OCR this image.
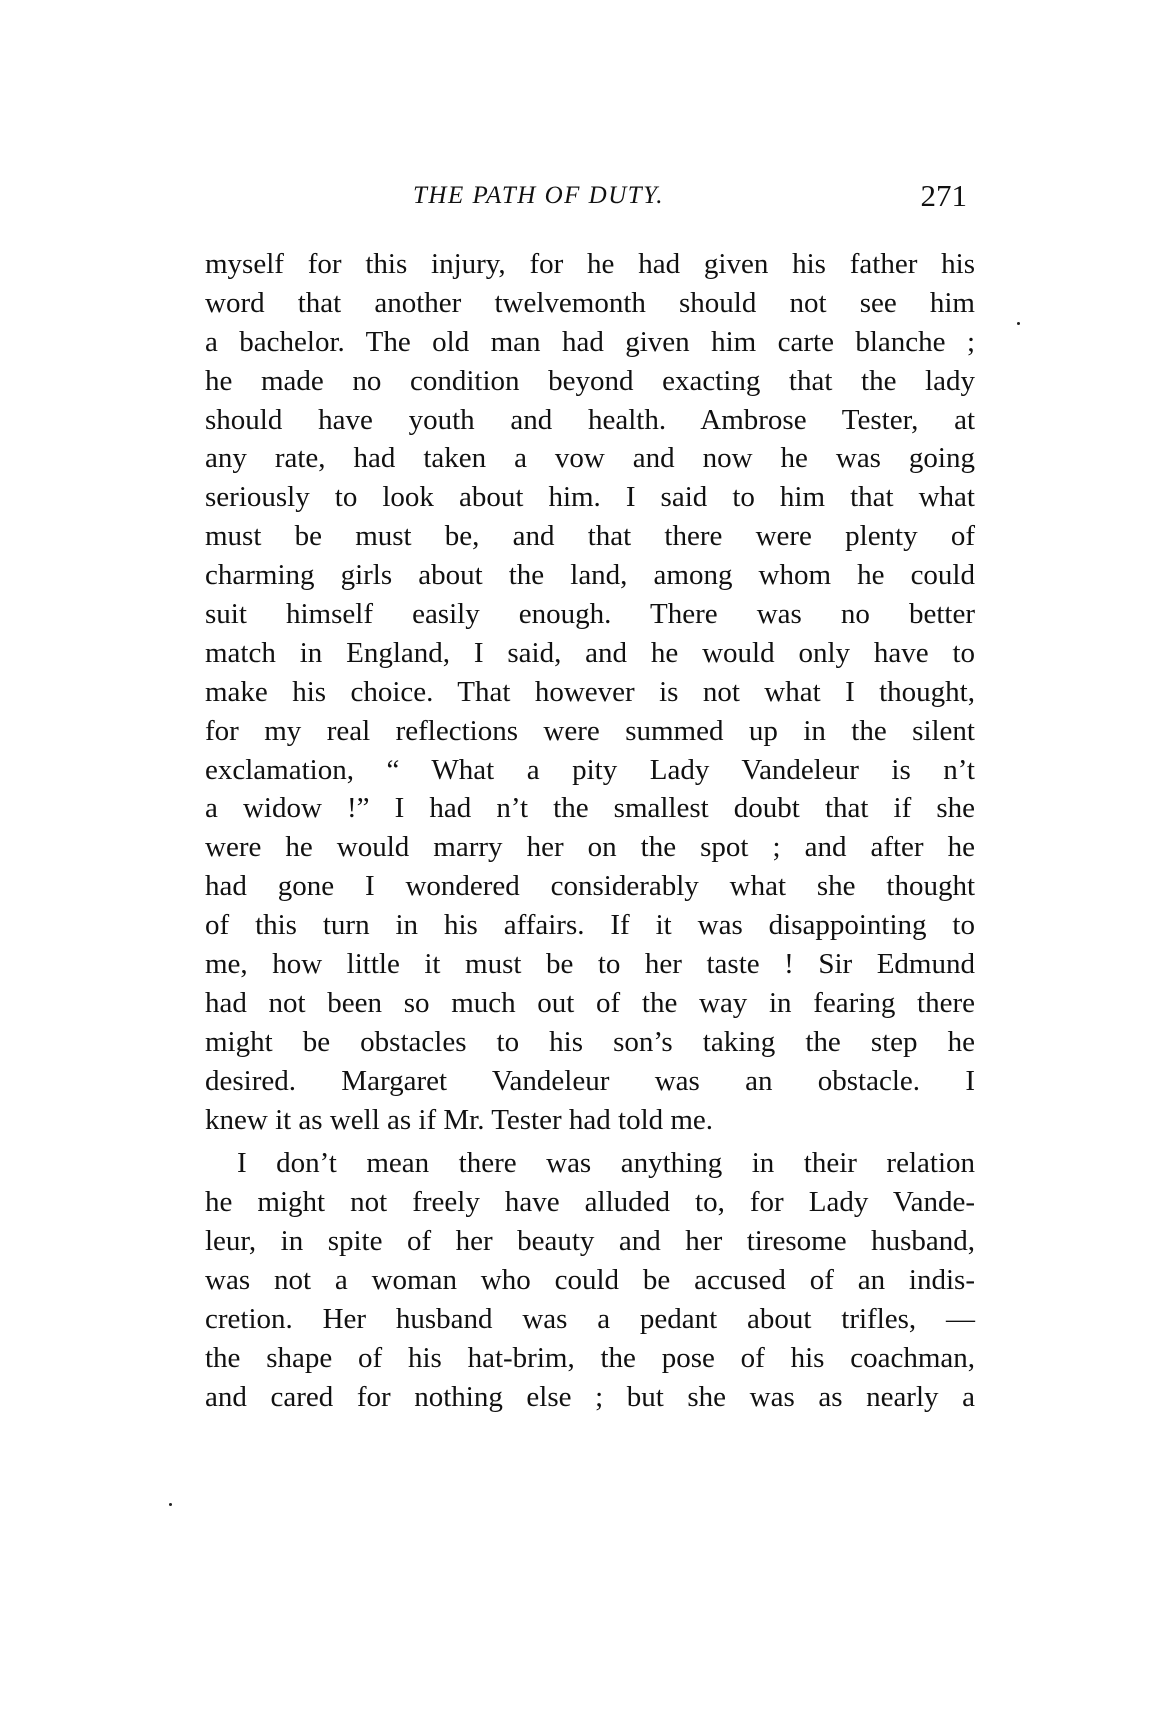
THE PATH OF DUTY.	271
myself for this injury, for he had given his father his
word that another twelvemonth should not see him
a bachelor. The old man had given him carte blanche ;
he made no condition beyond exacting that the lady
should have youth and health. Ambrose Tester, at
any rate, had taken a vow and now he was going
seriously to look about him. I said to him that what
must be must be, and that there were plenty of
charming girls about the land, among whom he could
suit himself easily enough. There was no better
match in England, I said, and he would only have to
make his choice. That however is not what I thought,
for my real reflections were summed up in the silent
exclamation, “ What a pity Lady Vandeleur is n’t
a widow !” I had n’t the smallest doubt that if she
were he would marry her on the spot ; and after he
had gone I wondered considerably what she thought
of this turn in his affairs. If it was disappointing to
me, how little it must be to her taste ! Sir Edmund
had not been so much out of the way in fearing there
might be obstacles to his son’s taking the step he
desired. Margaret Vandeleur was an obstacle. I
knew it as well as if Mr. Tester had told me.
I don’t mean there was anything in their relation
he might not freely have alluded to, for Lady Vande-
leur, in spite of her beauty and her tiresome husband,
was not a woman who could be accused of an indis-
cretion. Her husband was a pedant about trifles, —
the shape of his hat-brim, the pose of his coachman,
and cared for nothing else ; but she was as nearly a
